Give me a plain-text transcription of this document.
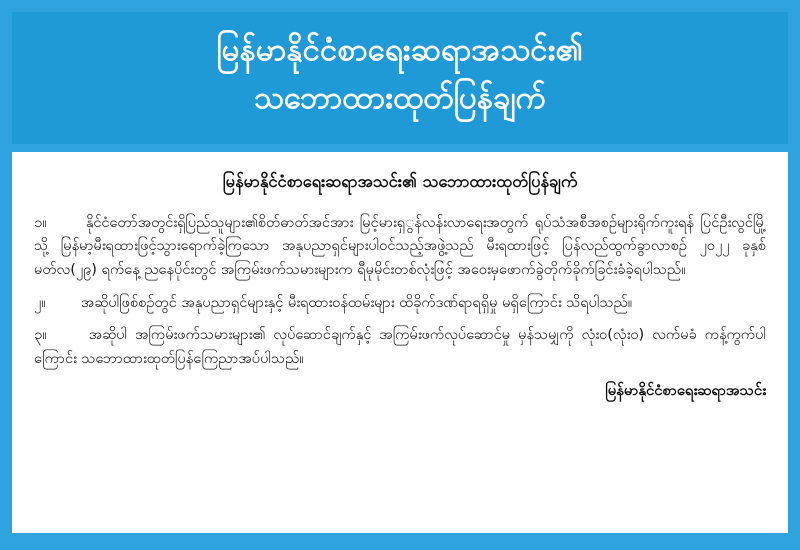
မြန်မာနိုင်ငံစာရေးဆရာအသင်း၏
သဘောထားထုတ်ပြန်ချက်
မြန်မာနိုင်ငံစာရေးဆရာအသင်း၏ သဘောထားထုတ်ပြန်ချက်
၁။	နိုင်ငံတော်အတွင်းရှိပြည်သူများ၏စိတ်ဓာတ်အင်အား မြင့်မားရှွန်လန်းလာရေးအတွက် ရုပ်သံအစီအစဉ်များရိုက်ကူးရန် ပြင်ဦးလွင်မြို့သို့ မြန်မာ့မီးရထားဖြင့်သွားရောက်ခဲ့ကြသော အနုပညာရှင်များပါဝင်သည့်အဖွဲ့သည် မီးရထားဖြင့် ပြန်လည်ထွက်ခွာလာစဉ် ၂၀၂၂ ခုနှစ် မတ်လ(၂၉) ရက်နေ့ ညနေပိုင်းတွင် အကြမ်းဖက်သမားများက ရီမုမိုင်းတစ်လုံးဖြင့် အဝေးမှဖောက်ခွဲတိုက်ခိုက်ခြင်းခံခဲ့ရပါသည်။
၂။ အဆိုပါဖြစ်စဉ်တွင် အနုပညာရှင်များနှင့် မီးရထားဝန်ထမ်းများ ထိခိုက်ဒဏ်ရာရရှိမှု မရှိကြောင်း သိရပါသည်။
၃။	အဆိုပါ အကြမ်းဖက်သမားများ၏ လုပ်ဆောင်ချက်နှင့် အကြမ်းဖက်လုပ်ဆောင်မှု မှန်သမျှကို လုံးဝ(လုံးဝ) လက်မခံ ကန့်ကွက်ပါကြောင်း သဘောထားထုတ်ပြန်ကြေညာအပ်ပါသည်။
မြန်မာနိုင်ငံစာရေးဆရာအသင်း
